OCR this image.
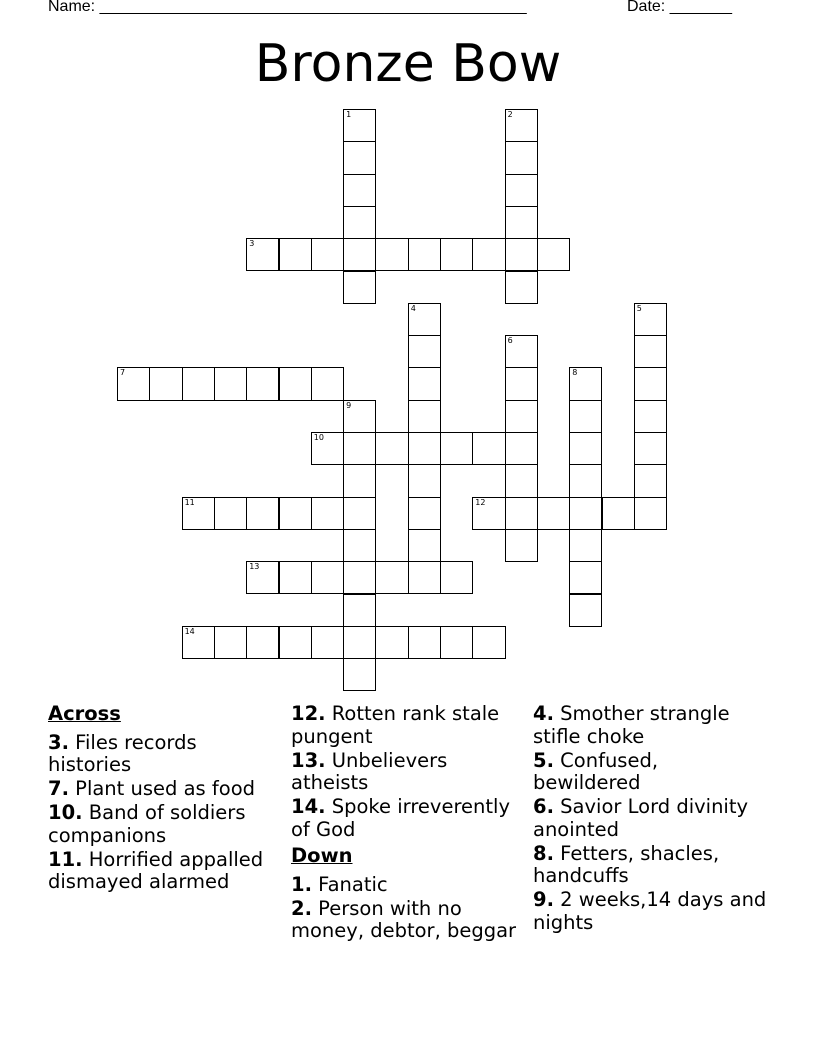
Name: ________________________________________________	Date: _______
Bronze Bow
1	2
3
4	5
6
7	8
9
10
11	12
13
14
Across
3. Files records histories
7. Plant used as food
10. Band of soldiers companions
11. Horrified appalled dismayed alarmed
12. Rotten rank stale pungent
13. Unbelievers atheists
14. Spoke irreverently of God
Down
1. Fanatic
2. Person with no money, debtor, beggar
4. Smother strangle stifle choke
5. Confused, bewildered
6. Savior Lord divinity anointed
8. Fetters, shacles, handcuffs
9. 2 weeks,14 days and nights
